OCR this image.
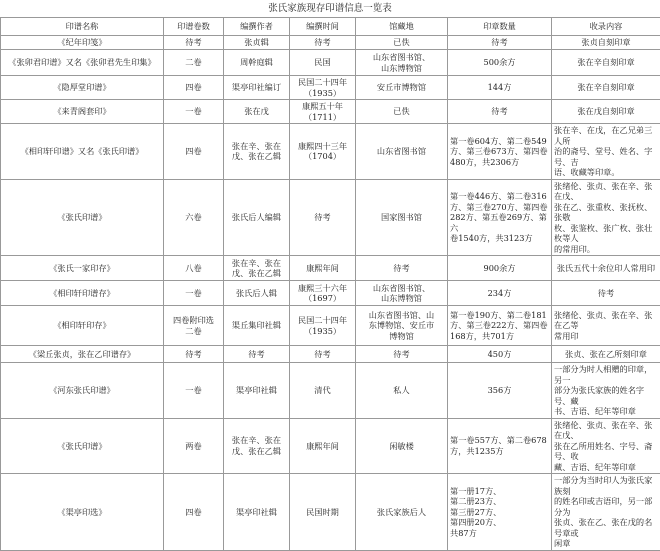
张氏家族现存印谱信息一览表
印谱名称	印谱卷数	编撰作者	编撰时间	馆藏地	印章数量	收录内容
《纪年印笺》	待考	张贞辑	待考	已佚	待考	张贞自刻印章
《张卯君印谱》又名《张卯君先生印集》	二卷	周幹庭辑	民国	山东省图书馆、
山东博物馆	500余方	张在辛自刻印章
《隐厚堂印谱》	四卷	渠亭印社编订	民国二十四年
（1935）	安丘市博物馆	144方	张在辛自刻印章
《来青阁套印》	一卷	张在戊	康熙五十年
（1711）	已佚	待考	张在戊自刻印章
《相印轩印谱》又名《张氏印谱》	四卷	张在辛、张在
戊、张在乙辑	康熙四十三年
（1704）	山东省图书馆	第一卷604方、第二卷549
方、第三卷673方、第四卷
480方，共2306方	张在辛、在戊，在乙兄弟三人所
治的斋号、堂号、姓名、字号、吉
语、收藏等印章。
《张氏印谱》	六卷	张氏后人编辑	待考	国家图书馆	第一卷446方、第二卷316
方、第三卷270方、第四卷
282方、第五卷269方、第六
卷1540方，共3123方	张绪伦、张贞、张在辛、张在戊、
张在乙、张重枚、张抚枚、张敬
枚、张鉴枚、张广枚、张壮枚等人
的常用印。
《张氏一家印存》	八卷	张在辛、张在
戊、张在乙辑	康熙年间	待考	900余方	张氏五代十余位印人常用印
《相印轩印谱存》	一卷	张氏后人辑	康熙三十六年
（1697）	山东省图书馆、
山东博物馆	234方	待考
《相印轩印存》	四卷附印选
二卷	渠丘集印社辑	民国二十四年
（1935）	山东省图书馆、山
东博物馆、安丘市
博物馆	第一卷190方、第二卷181
方、第三卷222方、第四卷
168方，共701方	张绪伦、张贞、张在辛、张在乙等
常用印
《梁丘张贞，张在乙印谱存》	待考	待考	待考	待考	450方	张贞、张在乙所刻印章
《河东张氏印谱》	一卷	渠亭印社辑	清代	私人	356方	一部分为时人相赠的印章，另一
部分为张氏家族的姓名字号、藏
书、吉语、纪年等印章
《张氏印谱》	两卷	张在辛、张在
戊、张在乙辑	康熙年间	闲敏楼	第一卷557方、第二卷678
方，共1235方	张绪伦、张贞、张在辛、张在戊、
张在乙所用姓名、字号、斋号、收
藏、吉语、纪年等印章
《渠亭印选》	四卷	渠亭印社辑	民国时期	张氏家族后人	第一册17方、
第二册23方、
第三册27方、
第四册20方、
共87方	一部分为当时印人为张氏家族刻
的姓名印或吉语印，另一部分为
张贞、张在乙、张在戊的名号章或
闲章
